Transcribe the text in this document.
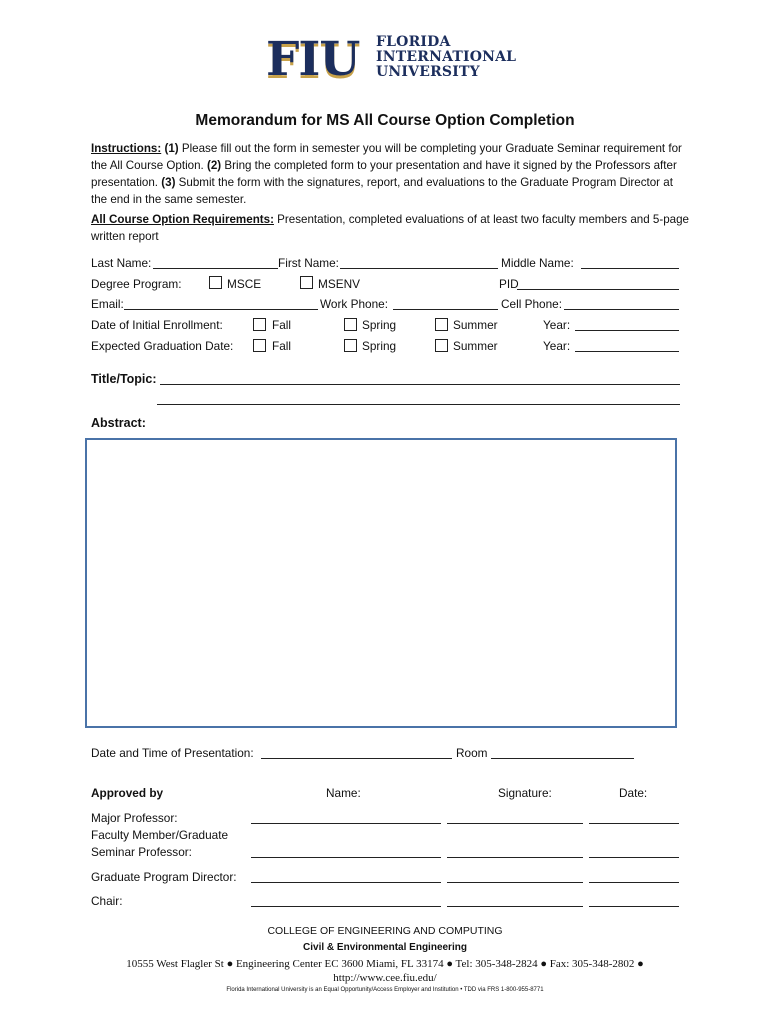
FIU FLORIDA
INTERNATIONAL
UNIVERSITY
Memorandum for MS All Course Option Completion
Instructions: (1) Please fill out the form in semester you will be completing your Graduate Seminar requirement for the All Course Option. (2) Bring the completed form to your presentation and have it signed by the Professors after presentation. (3) Submit the form with the signatures, report, and evaluations to the Graduate Program Director at the end in the same semester.
All Course Option Requirements: Presentation, completed evaluations of at least two faculty members and 5-page written report
Last Name:	First Name:	Middle Name:
Degree Program:	MSCE	MSENV	PID
Email:	Work Phone:	Cell Phone:
Date of Initial Enrollment:	Fall	Spring	Summer	Year:
Expected Graduation Date:	Fall	Spring	Summer	Year:
Title/Topic:
Abstract:
Date and Time of Presentation:	Room
Approved by	Name:	Signature:	Date:
Major Professor:
Faculty Member/Graduate
Seminar Professor:
Graduate Program Director:
Chair:
COLLEGE OF ENGINEERING AND COMPUTING
Civil & Environmental Engineering
10555 West Flagler St ● Engineering Center EC 3600 Miami, FL 33174 ● Tel: 305-348-2824 ● Fax: 305-348-2802 ●
http://www.cee.fiu.edu/
Florida International University is an Equal Opportunity/Access Employer and Institution • TDD via FRS 1-800-955-8771
